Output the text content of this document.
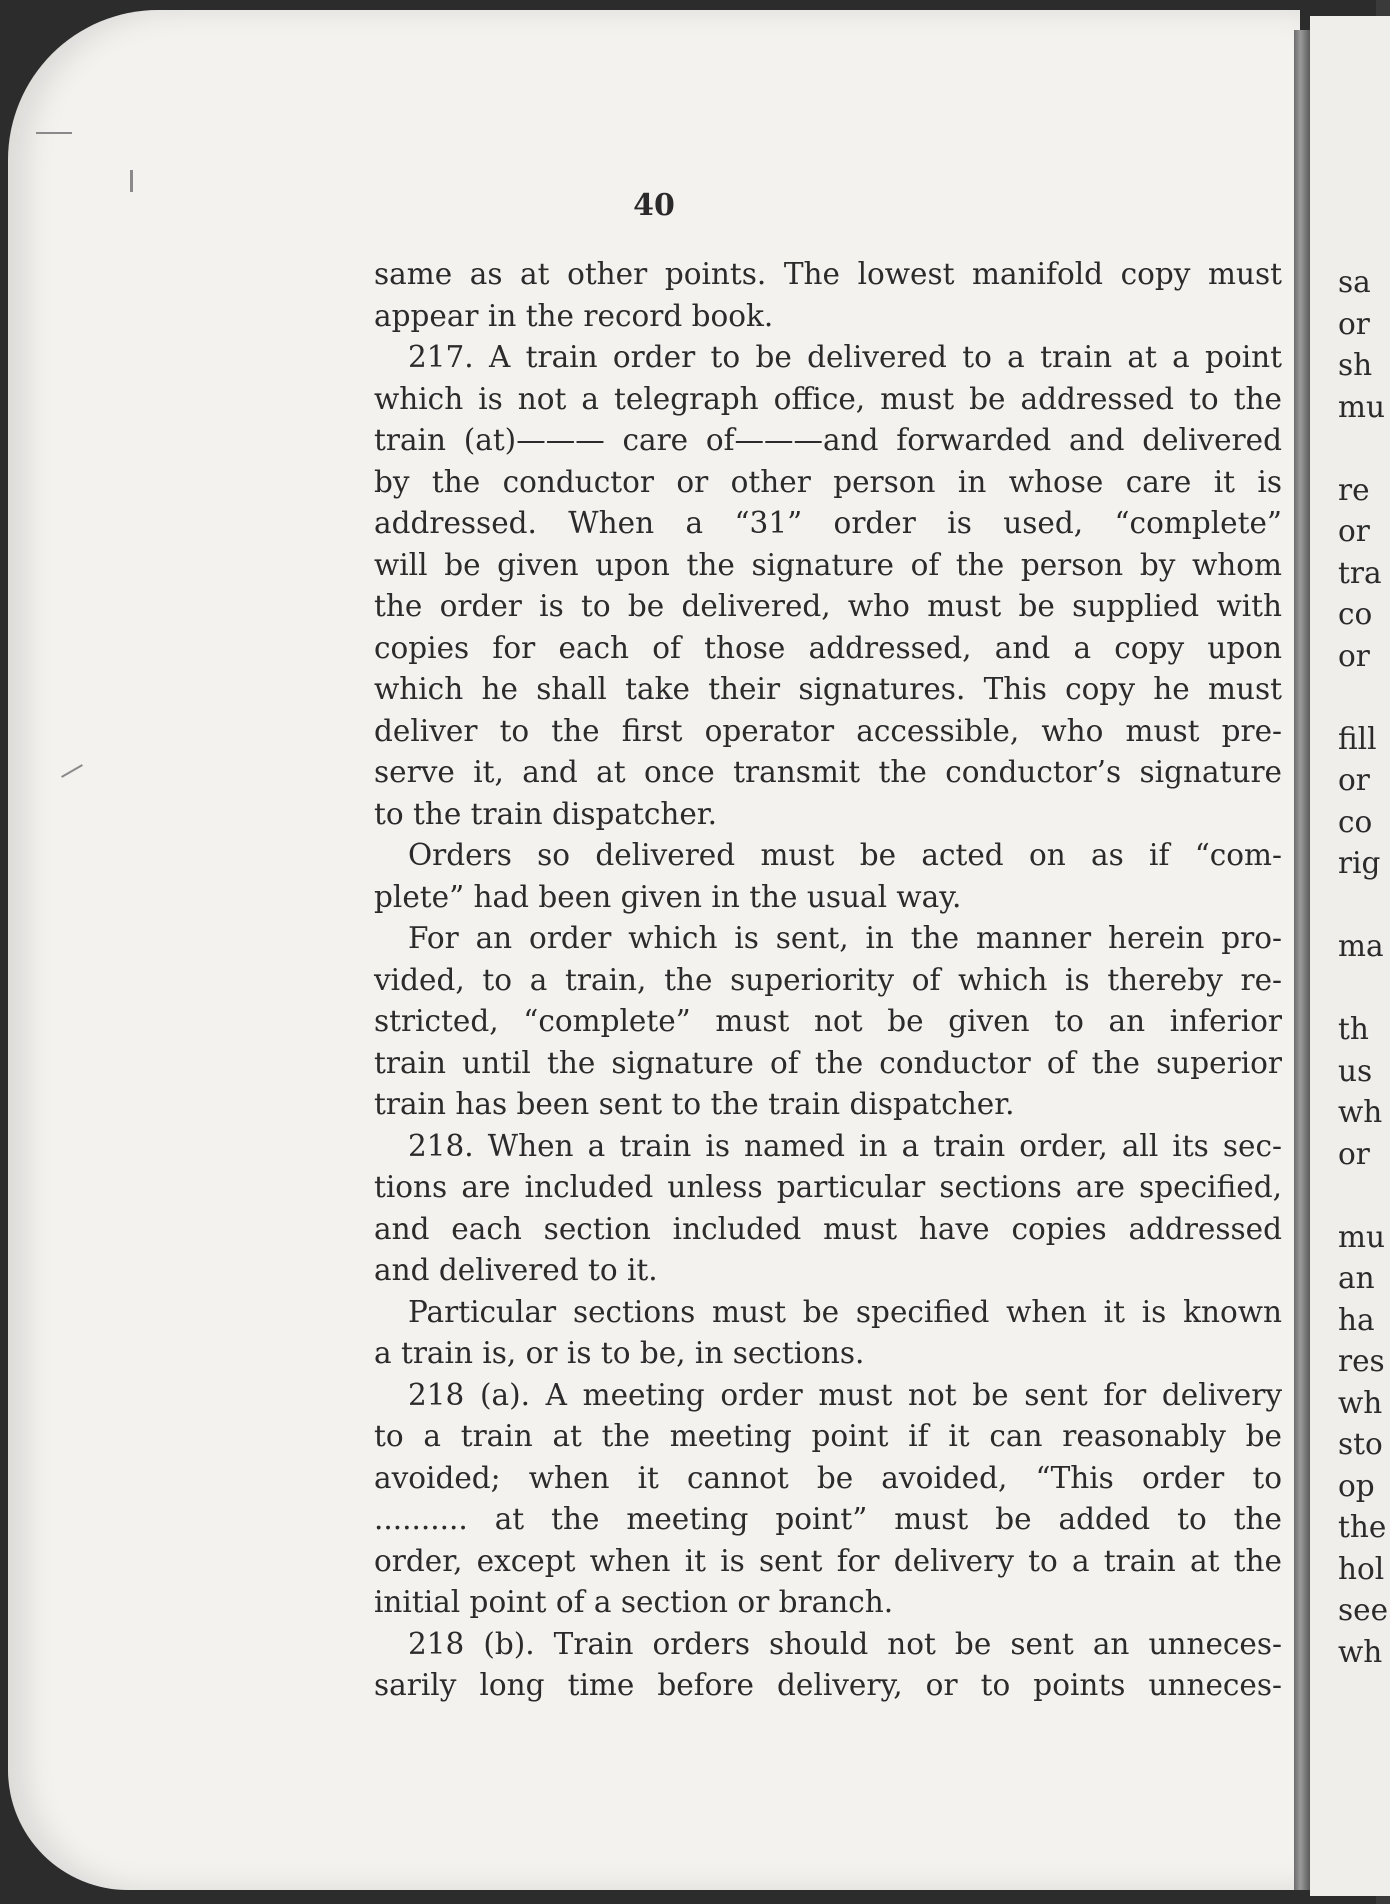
40
same as at other points. The lowest manifold copy must
appear in the record book.
217. A train order to be delivered to a train at a point
which is not a telegraph office, must be addressed to the
train (at)——— care of———and forwarded and delivered
by the conductor or other person in whose care it is
addressed. When a “31” order is used, “complete”
will be given upon the signature of the person by whom
the order is to be delivered, who must be supplied with
copies for each of those addressed, and a copy upon
which he shall take their signatures. This copy he must
deliver to the first operator accessible, who must pre-
serve it, and at once transmit the conductor’s signature
to the train dispatcher.
Orders so delivered must be acted on as if “com-
plete” had been given in the usual way.
For an order which is sent, in the manner herein pro-
vided, to a train, the superiority of which is thereby re-
stricted, “complete” must not be given to an inferior
train until the signature of the conductor of the superior
train has been sent to the train dispatcher.
218. When a train is named in a train order, all its sec-
tions are included unless particular sections are specified,
and each section included must have copies addressed
and delivered to it.
Particular sections must be specified when it is known
a train is, or is to be, in sections.
218 (a). A meeting order must not be sent for delivery
to a train at the meeting point if it can reasonably be
avoided; when it cannot be avoided, “This order to
.......... at the meeting point” must be added to the
order, except when it is sent for delivery to a train at the
initial point of a section or branch.
218 (b). Train orders should not be sent an unneces-
sarily long time before delivery, or to points unneces-
sa
or
sh
mu
re
or
tra
co
or
fill
or
co
rig
ma
th
us
wh
or
mu
an
ha
res
wh
sto
op
the
hol
see
wh
